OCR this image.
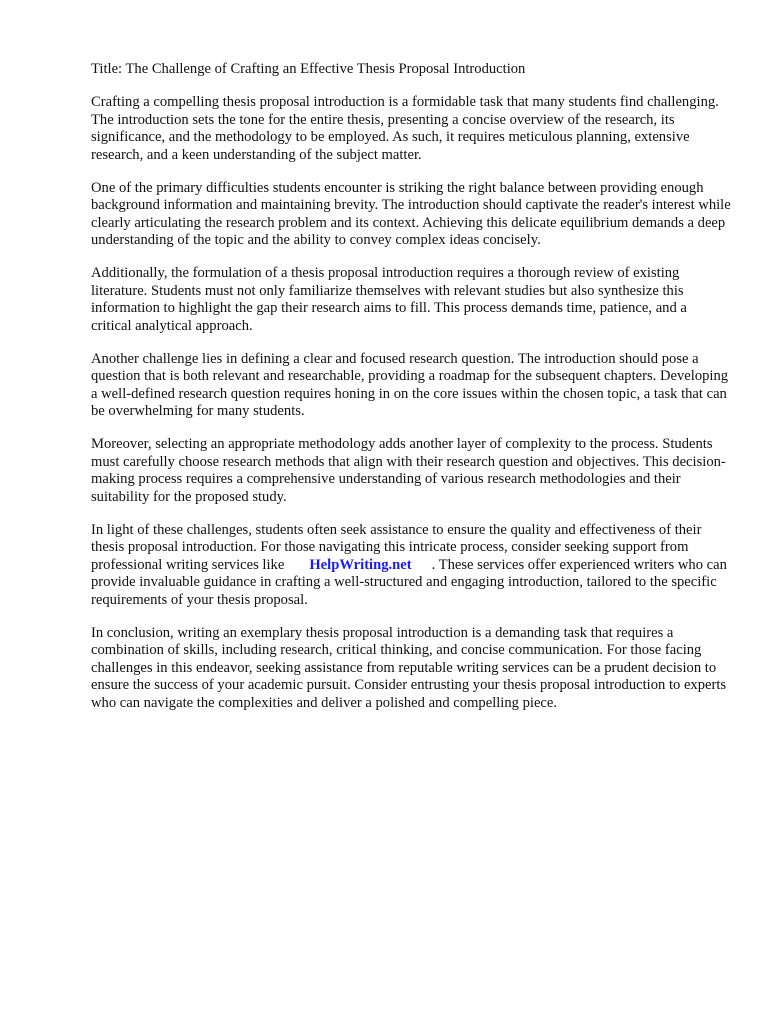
Title: The Challenge of Crafting an Effective Thesis Proposal Introduction

Crafting a compelling thesis proposal introduction is a formidable task that many students find challenging. The introduction sets the tone for the entire thesis, presenting a concise overview of the research, its significance, and the methodology to be employed. As such, it requires meticulous planning, extensive research, and a keen understanding of the subject matter.

One of the primary difficulties students encounter is striking the right balance between providing enough background information and maintaining brevity. The introduction should captivate the reader's interest while clearly articulating the research problem and its context. Achieving this delicate equilibrium demands a deep understanding of the topic and the ability to convey complex ideas concisely.

Additionally, the formulation of a thesis proposal introduction requires a thorough review of existing literature. Students must not only familiarize themselves with relevant studies but also synthesize this information to highlight the gap their research aims to fill. This process demands time, patience, and a critical analytical approach.

Another challenge lies in defining a clear and focused research question. The introduction should pose a question that is both relevant and researchable, providing a roadmap for the subsequent chapters. Developing a well-defined research question requires honing in on the core issues within the chosen topic, a task that can be overwhelming for many students.

Moreover, selecting an appropriate methodology adds another layer of complexity to the process. Students must carefully choose research methods that align with their research question and objectives. This decision-making process requires a comprehensive understanding of various research methodologies and their suitability for the proposed study.

In light of these challenges, students often seek assistance to ensure the quality and effectiveness of their thesis proposal introduction. For those navigating this intricate process, consider seeking support from professional writing services like HelpWriting.net . These services offer experienced writers who can provide invaluable guidance in crafting a well-structured and engaging introduction, tailored to the specific requirements of your thesis proposal.

In conclusion, writing an exemplary thesis proposal introduction is a demanding task that requires a combination of skills, including research, critical thinking, and concise communication. For those facing challenges in this endeavor, seeking assistance from reputable writing services can be a prudent decision to ensure the success of your academic pursuit. Consider entrusting your thesis proposal introduction to experts who can navigate the complexities and deliver a polished and compelling piece.
